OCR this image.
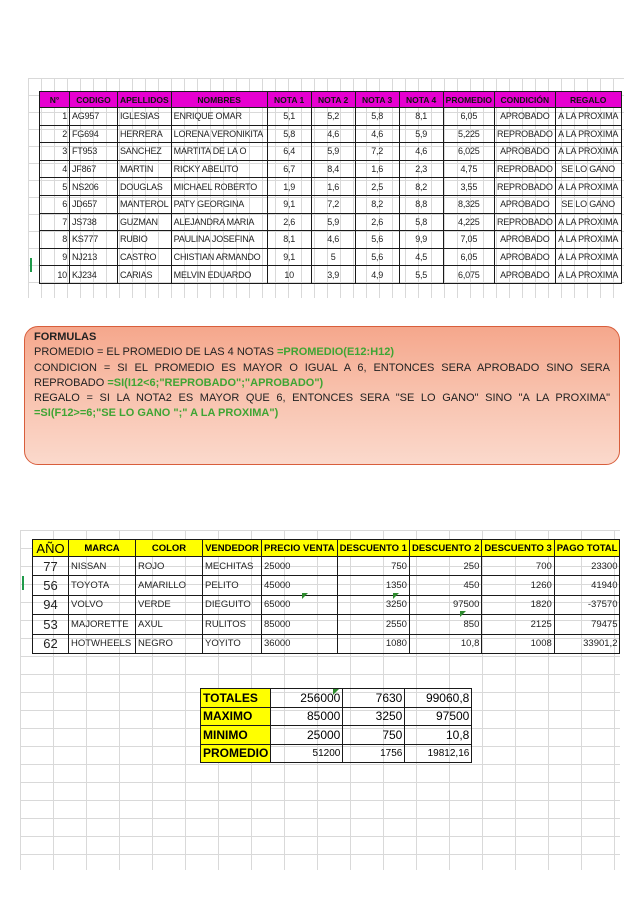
N°	CODIGO	APELLIDOS	NOMBRES	NOTA 1	NOTA 2	NOTA 3	NOTA 4	PROMEDIO	CONDICIÓN	REGALO
1	AG957	IGLESIAS	ENRIQUE OMAR	5,1	5,2	5,8	8,1	6,05	APROBADO	A LA PROXIMA
2	FG694	HERRERA	LORENA VERONIKITA	5,8	4,6	4,6	5,9	5,225	REPROBADO	A LA PROXIMA
3	FT953	SANCHEZ	MARTITA DE LA O	6,4	5,9	7,2	4,6	6,025	APROBADO	A LA PROXIMA
4	JF867	MARTIN	RICKY ABELITO	6,7	8,4	1,6	2,3	4,75	REPROBADO	SE LO GANO
5	NS206	DOUGLAS	MICHAEL ROBERTO	1,9	1,6	2,5	8,2	3,55	REPROBADO	A LA PROXIMA
6	JD657	MANTEROL	PATY GEORGINA	9,1	7,2	8,2	8,8	8,325	APROBADO	SE LO GANO
7	JS738	GUZMAN	ALEJANDRA MARIA	2,6	5,9	2,6	5,8	4,225	REPROBADO	A LA PROXIMA
8	KS777	RUBIO	PAULINA JOSEFINA	8,1	4,6	5,6	9,9	7,05	APROBADO	A LA PROXIMA
9	NJ213	CASTRO	CHISTIAN ARMANDO	9,1	5	5,6	4,5	6,05	APROBADO	A LA PROXIMA
10	KJ234	CARIAS	MELVIN EDUARDO	10	3,9	4,9	5,5	6,075	APROBADO	A LA PROXIMA

FORMULAS

PROMEDIO = EL PROMEDIO DE LAS 4 NOTAS =PROMEDIO(E12:H12)

CONDICION = SI EL PROMEDIO ES MAYOR O IGUAL A 6, ENTONCES SERA APROBADO SINO SERA REPROBADO =SI(I12<6;"REPROBADO";"APROBADO")

REGALO = SI LA NOTA2 ES MAYOR QUE 6, ENTONCES SERA "SE LO GANO" SINO "A LA PROXIMA" =SI(F12>=6;"SE LO GANO ";" A LA PROXIMA")

AÑO	MARCA	COLOR	VENDEDOR	PRECIO VENTA	DESCUENTO 1	DESCUENTO 2	DESCUENTO 3	PAGO TOTAL
77	NISSAN	ROJO	MECHITAS	25000	750	250	700	23300
56	TOYOTA	AMARILLO	PELITO	45000	1350	450	1260	41940
94	VOLVO	VERDE	DIEGUITO	65000	3250	97500	1820	-37570
53	MAJORETTE	AXUL	RULITOS	85000	2550	850	2125	79475
62	HOTWHEELS	NEGRO	YOYITO	36000	1080	10,8	1008	33901,2
TOTALES	256000	7630	99060,8
MAXIMO	85000	3250	97500
MINIMO	25000	750	10,8
PROMEDIO	51200	1756	19812,16
